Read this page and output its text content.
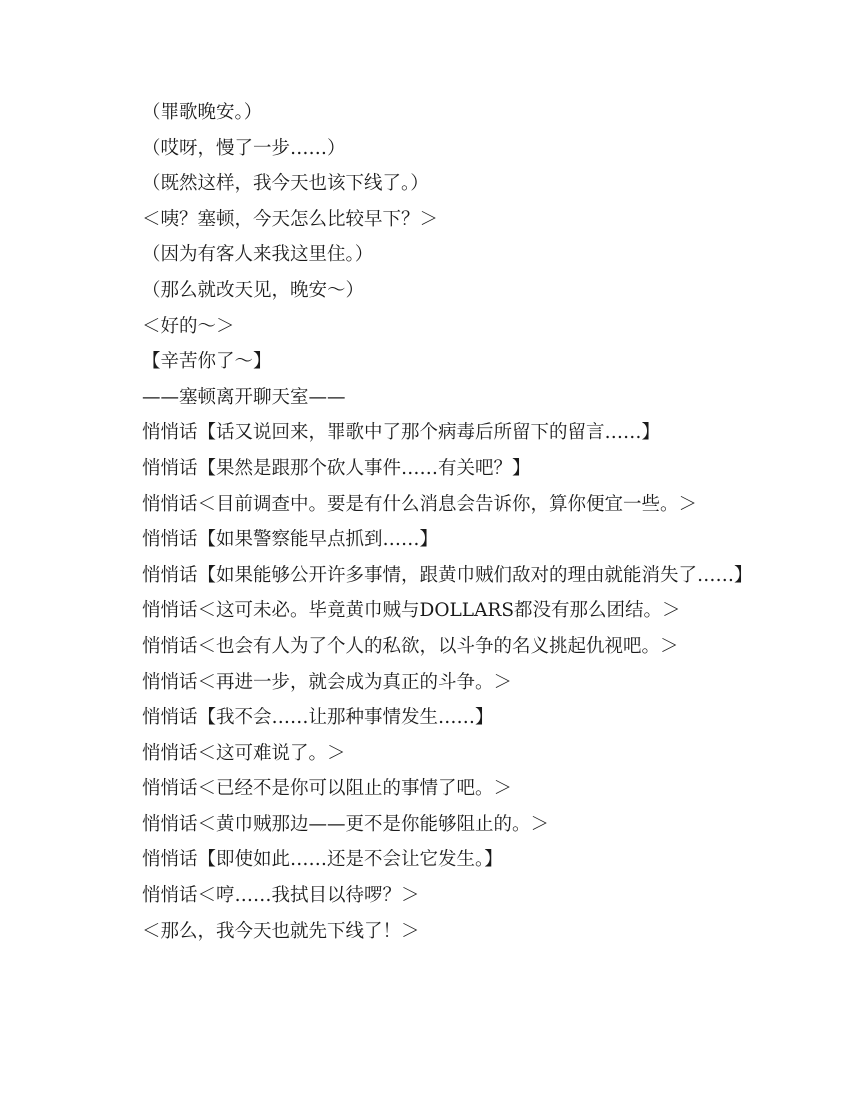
（罪歌晚安。）

（哎呀，慢了一步……）

（既然这样，我今天也该下线了。）

＜咦？塞顿，今天怎么比较早下？＞

（因为有客人来我这里住。）

（那么就改天见，晚安～）

＜好的～＞

【辛苦你了～】

——塞顿离开聊天室——

悄悄话【话又说回来，罪歌中了那个病毒后所留下的留言……】

悄悄话【果然是跟那个砍人事件……有关吧？】

悄悄话＜目前调查中。要是有什么消息会告诉你，算你便宜一些。＞

悄悄话【如果警察能早点抓到……】

悄悄话【如果能够公开许多事情，跟黄巾贼们敌对的理由就能消失了……】

悄悄话＜这可未必。毕竟黄巾贼与DOLLARS都没有那么团结。＞

悄悄话＜也会有人为了个人的私欲，以斗争的名义挑起仇视吧。＞

悄悄话＜再进一步，就会成为真正的斗争。＞

悄悄话【我不会……让那种事情发生……】

悄悄话＜这可难说了。＞

悄悄话＜已经不是你可以阻止的事情了吧。＞

悄悄话＜黄巾贼那边——更不是你能够阻止的。＞

悄悄话【即使如此……还是不会让它发生。】

悄悄话＜哼……我拭目以待啰？＞

＜那么，我今天也就先下线了！＞
